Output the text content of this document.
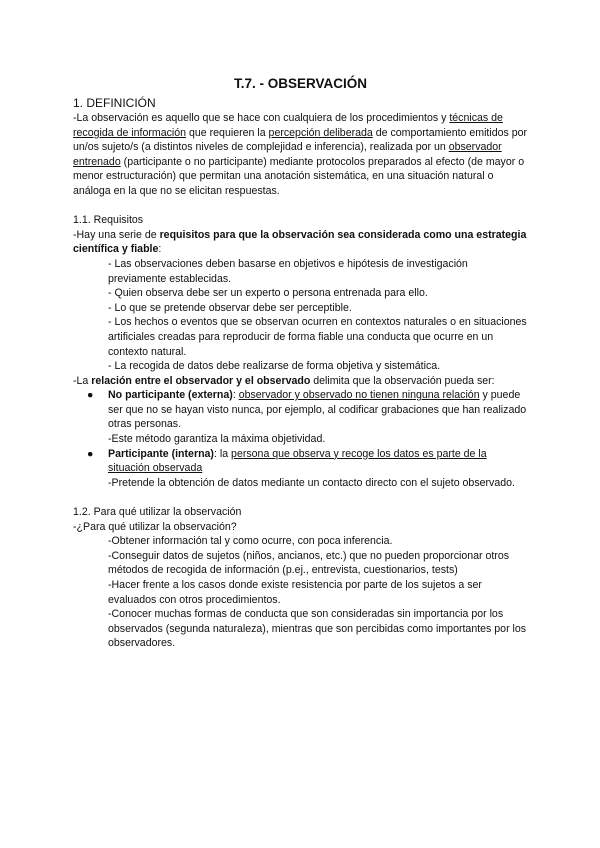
T.7. - OBSERVACIÓN

1. DEFINICIÓN

-La observación es aquello que se hace con cualquiera de los procedimientos y técnicas de recogida de información que requieren la percepción deliberada de comportamiento emitidos por un/os sujeto/s (a distintos niveles de complejidad e inferencia), realizada por un observador entrenado (participante o no participante) mediante protocolos preparados al efecto (de mayor o menor estructuración) que permitan una anotación sistemática, en una situación natural o análoga en la que no se elicitan respuestas.

1.1. Requisitos

-Hay una serie de requisitos para que la observación sea considerada como una estrategia científica y fiable:

- Las observaciones deben basarse en objetivos e hipótesis de investigación previamente establecidas.

- Quien observa debe ser un experto o persona entrenada para ello.

- Lo que se pretende observar debe ser perceptible.

- Los hechos o eventos que se observan ocurren en contextos naturales o en situaciones artificiales creadas para reproducir de forma fiable una conducta que ocurre en un contexto natural.

- La recogida de datos debe realizarse de forma objetiva y sistemática.

-La relación entre el observador y el observado delimita que la observación pueda ser:

● No participante (externa): observador y observado no tienen ninguna relación y puede ser que no se hayan visto nunca, por ejemplo, al codificar grabaciones que han realizado otras personas.

-Este método garantiza la máxima objetividad.

● Participante (interna): la persona que observa y recoge los datos es parte de la situación observada

-Pretende la obtención de datos mediante un contacto directo con el sujeto observado.

1.2. Para qué utilizar la observación

-¿Para qué utilizar la observación?

-Obtener información tal y como ocurre, con poca inferencia.

-Conseguir datos de sujetos (niños, ancianos, etc.) que no pueden proporcionar otros métodos de recogida de información (p.ej., entrevista, cuestionarios, tests)

-Hacer frente a los casos donde existe resistencia por parte de los sujetos a ser evaluados con otros procedimientos.

-Conocer muchas formas de conducta que son consideradas sin importancia por los observados (segunda naturaleza), mientras que son percibidas como importantes por los observadores.
